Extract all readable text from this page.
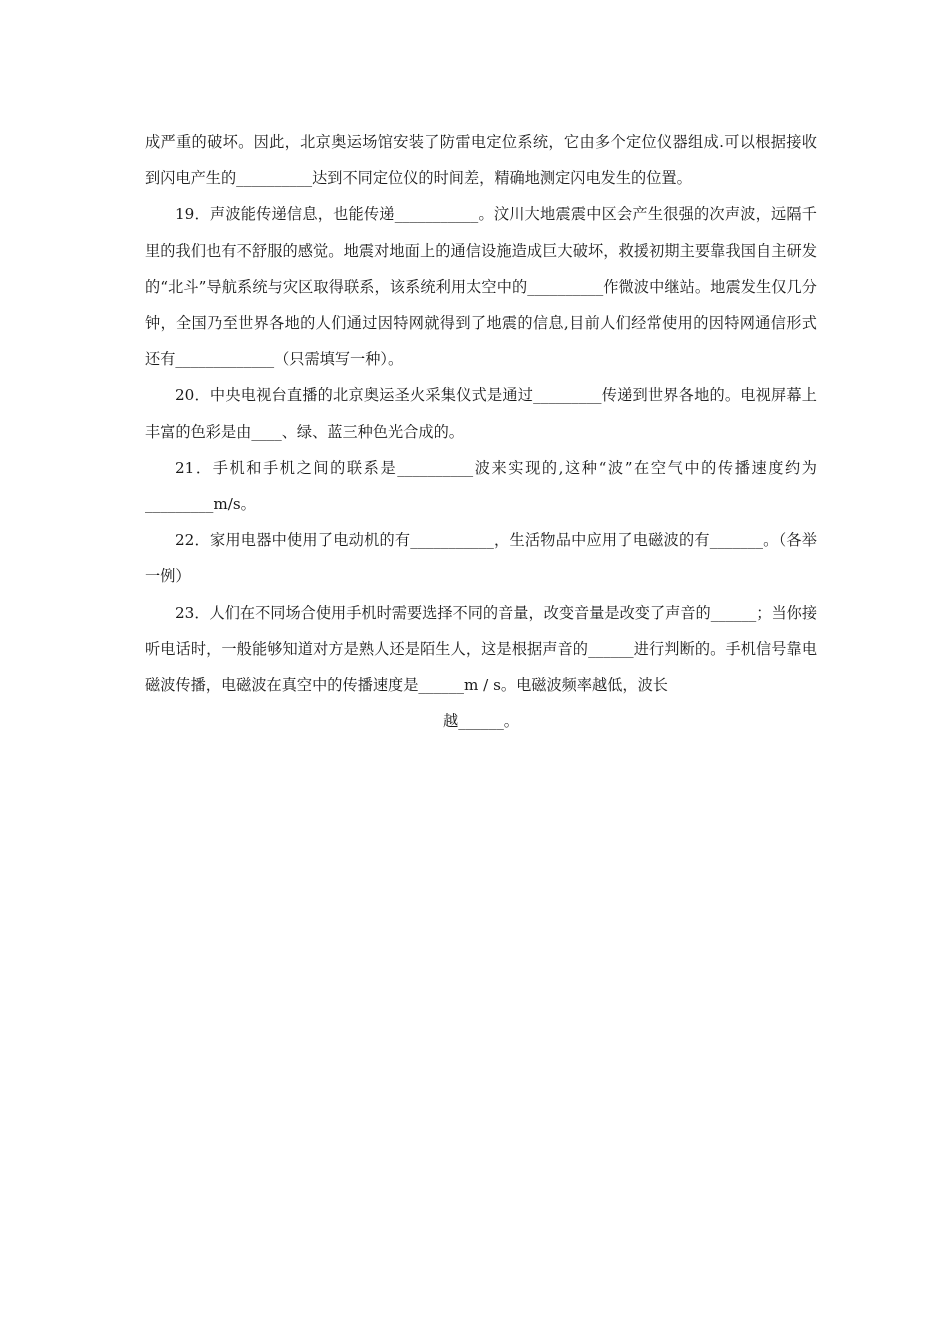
成严重的破坏。因此，北京奥运场馆安装了防雷电定位系统，它由多个定位仪器组成.可以根据接收到闪电产生的__________达到不同定位仪的时间差，精确地测定闪电发生的位置。

19．声波能传递信息，也能传递___________。汶川大地震震中区会产生很强的次声波，远隔千里的我们也有不舒服的感觉。地震对地面上的通信设施造成巨大破坏，救援初期主要靠我国自主研发的“北斗”导航系统与灾区取得联系，该系统利用太空中的__________作微波中继站。地震发生仅几分钟，全国乃至世界各地的人们通过因特网就得到了地震的信息,目前人们经常使用的因特网通信形式还有_____________（只需填写一种）。

20．中央电视台直播的北京奥运圣火采集仪式是通过_________传递到世界各地的。电视屏幕上丰富的色彩是由____、绿、蓝三种色光合成的。

21．手机和手机之间的联系是__________波来实现的,这种“波”在空气中的传播速度约为_________m/s。

22．家用电器中使用了电动机的有___________，生活物品中应用了电磁波的有_______。（各举一例）

23．人们在不同场合使用手机时需要选择不同的音量，改变音量是改变了声音的______；当你接听电话时，一般能够知道对方是熟人还是陌生人，这是根据声音的______进行判断的。手机信号靠电磁波传播，电磁波在真空中的传播速度是______m / s。电磁波频率越低，波长

越______。
